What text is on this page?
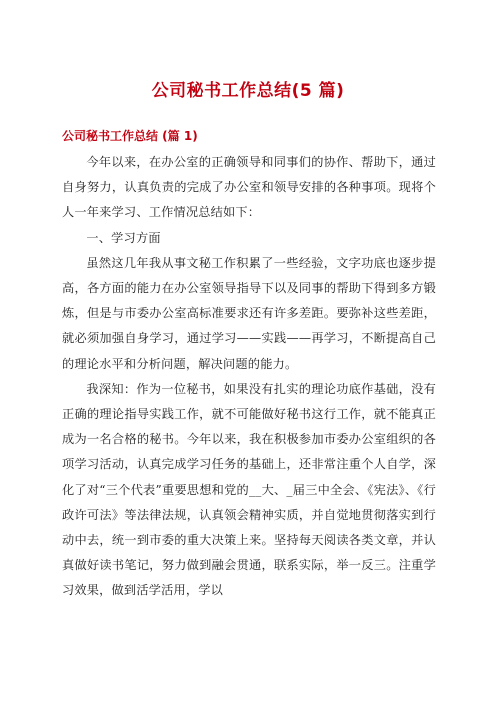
公司秘书工作总结(5 篇)
公司秘书工作总结 (篇 1)

今年以来，在办公室的正确领导和同事们的协作、帮助下，通过自身努力，认真负责的完成了办公室和领导安排的各种事项。现将个人一年来学习、工作情况总结如下：

一、学习方面

虽然这几年我从事文秘工作积累了一些经验，文字功底也逐步提高，各方面的能力在办公室领导指导下以及同事的帮助下得到多方锻炼，但是与市委办公室高标准要求还有许多差距。要弥补这些差距，就必须加强自身学习，通过学习——实践——再学习，不断提高自己的理论水平和分析问题，解决问题的能力。

我深知：作为一位秘书，如果没有扎实的理论功底作基础，没有正确的理论指导实践工作，就不可能做好秘书这行工作，就不能真正成为一名合格的秘书。今年以来，我在积极参加市委办公室组织的各项学习活动，认真完成学习任务的基础上，还非常注重个人自学，深化了对“三个代表”重要思想和党的__大、_届三中全会、《宪法》、《行政许可法》等法律法规，认真领会精神实质，并自觉地贯彻落实到行动中去，统一到市委的重大决策上来。坚持每天阅读各类文章，并认真做好读书笔记，努力做到融会贯通，联系实际，举一反三。注重学习效果，做到活学活用，学以
